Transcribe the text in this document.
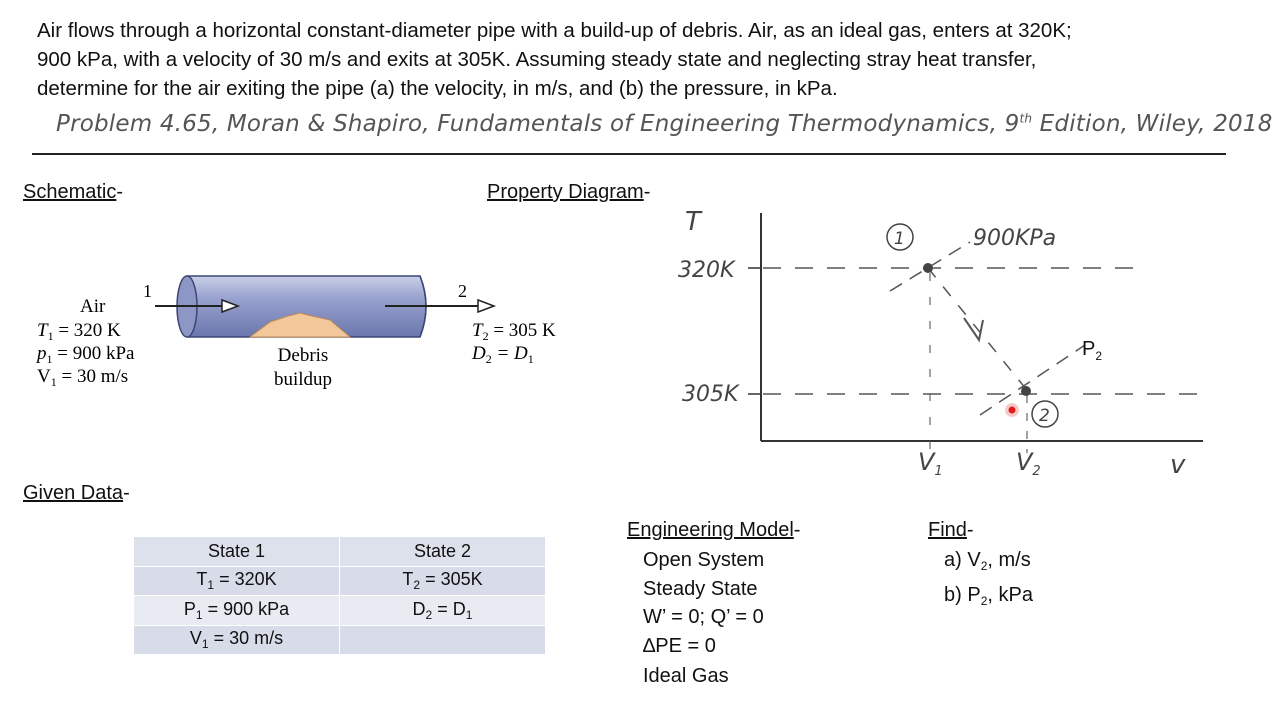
Air flows through a horizontal constant-diameter pipe with a build-up of debris. Air, as an ideal gas, enters at 320K;
900 kPa, with a velocity of 30 m/s and exits at 305K. Assuming steady state and neglecting stray heat transfer,
determine for the air exiting the pipe (a) the velocity, in m/s, and (b) the pressure, in kPa.
Problem 4.65, Moran & Shapiro, Fundamentals of Engineering Thermodynamics, 9th Edition, Wiley, 2018
Schematic-	Property Diagram-
Given Data-
Engineering Model-	Find-
1	2
Air
$T_1 = 320$ K
$p_1 = 900$ kPa
$V_1 = 30$ m/s
$T_2 = 305$ K
$D_2 = D_1$
Debris
buildup
T
v
320K
305K
1
2
900KPa
$P_2$
$V_1$	$V_2$
State 1	State 2
$T_1 = 320K$	$T_2 = 305K$
$P_1 = 900$ kPa	$D_2 = D_1$
$V_1 = 30$ m/s	
Open System
Steady State
W’ = 0; Q’ = 0
∆PE = 0
Ideal Gas
a) $V_2$, m/s
b) $P_2$, kPa
